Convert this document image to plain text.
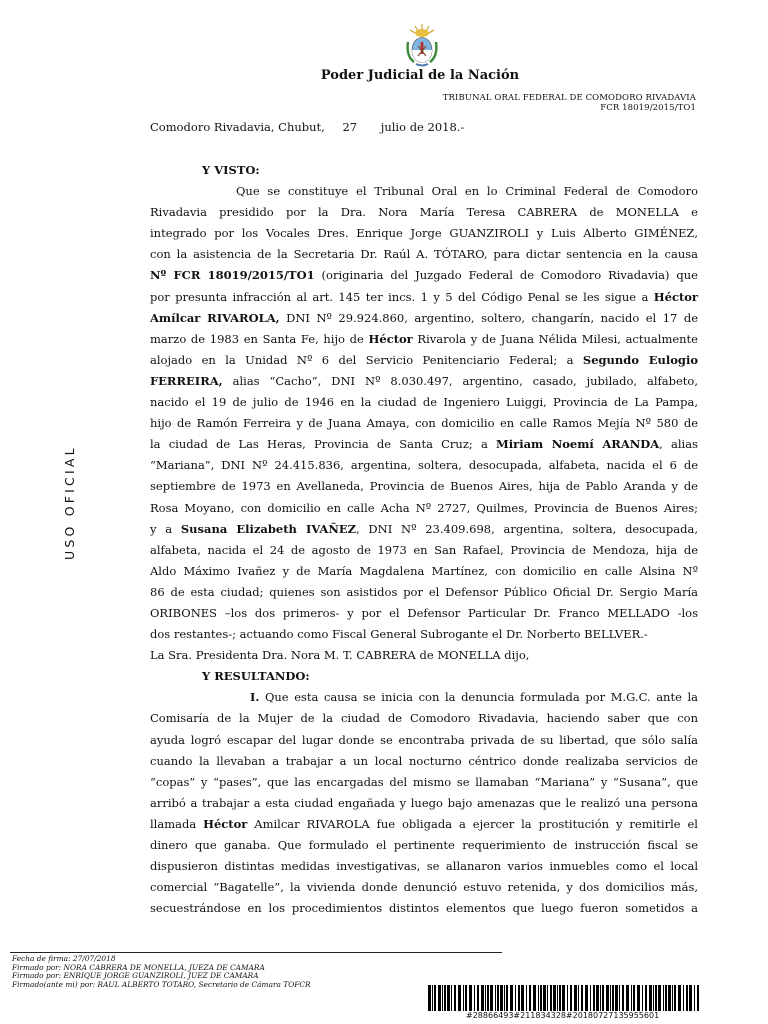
Poder Judicial de la Nación
TRIBUNAL ORAL FEDERAL DE COMODORO RIVADAVIA
FCR 18019/2015/TO1
Comodoro Rivadavia, Chubut, 27 julio de 2018.-
USO OFICIAL
Y VISTO:
Que se constituye el Tribunal Oral en lo Criminal Federal de Comodoro
Rivadavia presidido por la Dra. Nora María Teresa CABRERA de MONELLA e
integrado por los Vocales Dres. Enrique Jorge GUANZIROLI y Luis Alberto GIMÉNEZ,
con la asistencia de la Secretaria Dr. Raúl A. TÓTARO, para dictar sentencia en la causa
Nº FCR 18019/2015/TO1 (originaria del Juzgado Federal de Comodoro Rivadavia) que
por presunta infracción al art. 145 ter incs. 1 y 5 del Código Penal se les sigue a Héctor
Amílcar RIVAROLA, DNI Nº 29.924.860, argentino, soltero, changarín, nacido el 17 de
marzo de 1983 en Santa Fe, hijo de Héctor Rivarola y de Juana Nélida Milesi, actualmente
alojado en la Unidad Nº 6 del Servicio Penitenciario Federal; a Segundo Eulogio
FERREIRA, alias “Cacho”, DNI Nº 8.030.497, argentino, casado, jubilado, alfabeto,
nacido el 19 de julio de 1946 en la ciudad de Ingeniero Luiggi, Provincia de La Pampa,
hijo de Ramón Ferreira y de Juana Amaya, con domicilio en calle Ramos Mejía Nº 580 de
la ciudad de Las Heras, Provincia de Santa Cruz; a Miriam Noemí ARANDA, alias
“Mariana”, DNI Nº 24.415.836, argentina, soltera, desocupada, alfabeta, nacida el 6 de
septiembre de 1973 en Avellaneda, Provincia de Buenos Aires, hija de Pablo Aranda y de
Rosa Moyano, con domicilio en calle Acha Nº 2727, Quilmes, Provincia de Buenos Aires;
y a Susana Elizabeth IVAÑEZ, DNI Nº 23.409.698, argentina, soltera, desocupada,
alfabeta, nacida el 24 de agosto de 1973 en San Rafael, Provincia de Mendoza, hija de
Aldo Máximo Ivañez y de María Magdalena Martínez, con domicilio en calle Alsina Nº
86 de esta ciudad; quienes son asistidos por el Defensor Público Oficial Dr. Sergio María
ORIBONES –los dos primeros- y por el Defensor Particular Dr. Franco MELLADO -los
dos restantes-; actuando como Fiscal General Subrogante el Dr. Norberto BELLVER.-
La Sra. Presidenta Dra. Nora M. T. CABRERA de MONELLA dijo,
Y RESULTANDO:
I. Que esta causa se inicia con la denuncia formulada por M.G.C. ante la
Comisaría de la Mujer de la ciudad de Comodoro Rivadavia, haciendo saber que con
ayuda logró escapar del lugar donde se encontraba privada de su libertad, que sólo salía
cuando la llevaban a trabajar a un local nocturno céntrico donde realizaba servicios de
“copas” y “pases”, que las encargadas del mismo se llamaban “Mariana” y “Susana”, que
arribó a trabajar a esta ciudad engañada y luego bajo amenazas que le realizó una persona
llamada Héctor Amilcar RIVAROLA fue obligada a ejercer la prostitución y remitirle el
dinero que ganaba. Que formulado el pertinente requerimiento de instrucción fiscal se
dispusieron distintas medidas investigativas, se allanaron varios inmuebles como el local
comercial “Bagatelle”, la vivienda donde denunció estuvo retenida, y dos domicilios más,
secuestrándose en los procedimientos distintos elementos que luego fueron sometidos a
Fecha de firma: 27/07/2018
Firmado por: NORA CABRERA DE MONELLA, JUEZA DE CAMARA
Firmado por: ENRIQUE JORGE GUANZIROLI, JUEZ DE CAMARA
Firmado(ante mi) por: RAUL ALBERTO TOTARO, Secretario de Cámara TOFCR
#28866493#211834328#20180727135955601
